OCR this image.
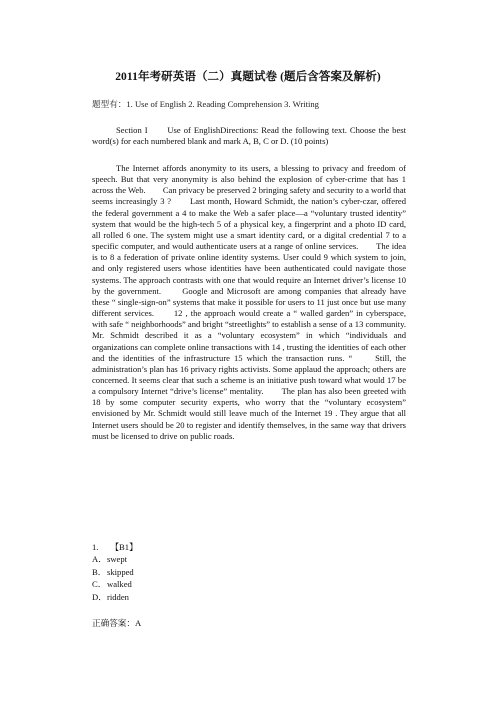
2011年考研英语（二）真题试卷 (题后含答案及解析)
题型有：1. Use of English 2. Reading Comprehension 3. Writing
Section I　　Use of EnglishDirections: Read the following text. Choose the best word(s) for each numbered blank and mark A, B, C or D. (10 points)
The Internet affords anonymity to its users, a blessing to privacy and freedom of speech. But that very anonymity is also behind the explosion of cyber-crime that has 1 across the Web.　　Can privacy be preserved 2 bringing safety and security to a world that seems increasingly 3 ?　　Last month, Howard Schmidt, the nation’s cyber-czar, offered the federal government a 4 to make the Web a safer place—a “voluntary trusted identity” system that would be the high-tech 5 of a physical key, a fingerprint and a photo ID card, all rolled 6 one. The system might use a smart identity card, or a digital credential 7 to a specific computer, and would authenticate users at a range of online services.　　The idea is to 8 a federation of private online identity systems. User could 9 which system to join, and only registered users whose identities have been authenticated could navigate those systems. The approach contrasts with one that would require an Internet driver’s license 10 by the government.　　Google and Microsoft are among companies that already have these “ single-sign-on” systems that make it possible for users to 11 just once but use many different services.　　12 , the approach would create a “ walled garden” in cyberspace, with safe “ neighborhoods” and bright “streetlights” to establish a sense of a 13 community.　　Mr. Schmidt described it as a “voluntary ecosystem” in which “individuals and organizations can complete online transactions with 14 , trusting the identities of each other and the identities of the infrastructure 15 which the transaction runs. “　　Still, the administration’s plan has 16 privacy rights activists. Some applaud the approach; others are concerned. It seems clear that such a scheme is an initiative push toward what would 17 be a compulsory Internet “drive’s license” mentality.　　The plan has also been greeted with 18 by some computer security experts, who worry that the “voluntary ecosystem” envisioned by Mr. Schmidt would still leave much of the Internet 19 . They argue that all Internet users should be 20 to register and identify themselves, in the same way that drivers must be licensed to drive on public roads.
1. 【B1】
A．swept
B．skipped
C．walked
D．ridden
正确答案：A
